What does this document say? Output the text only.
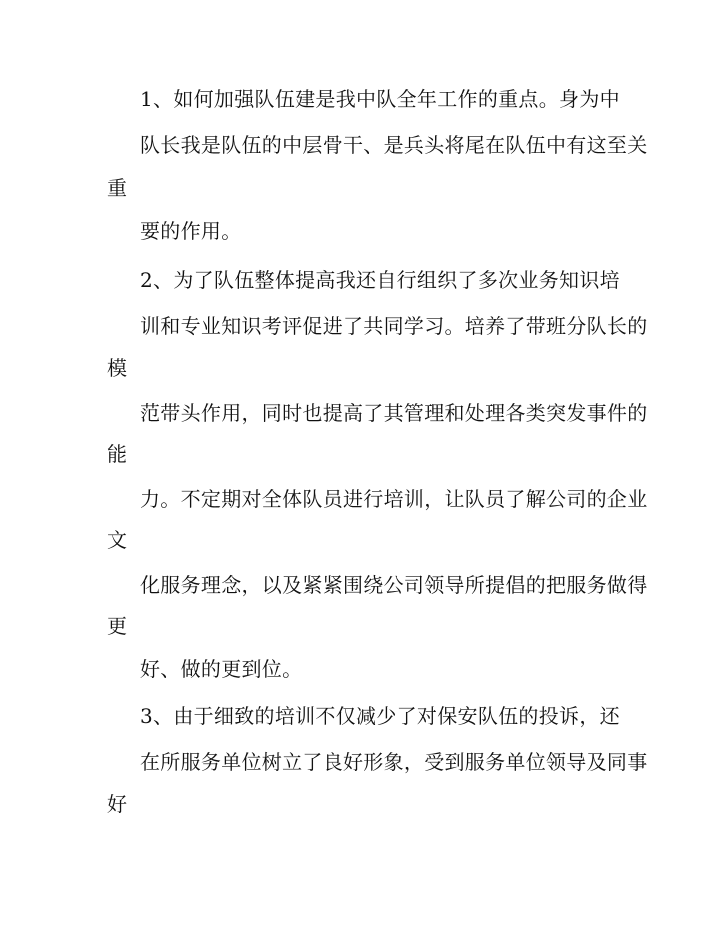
1、如何加强队伍建是我中队全年工作的重点。身为中
队长我是队伍的中层骨干、是兵头将尾在队伍中有这至关
重
要的作用。
2、为了队伍整体提高我还自行组织了多次业务知识培
训和专业知识考评促进了共同学习。培养了带班分队长的
模
范带头作用，同时也提高了其管理和处理各类突发事件的
能
力。不定期对全体队员进行培训，让队员了解公司的企业
文
化服务理念，以及紧紧围绕公司领导所提倡的把服务做得
更
好、做的更到位。
3、由于细致的培训不仅减少了对保安队伍的投诉，还
在所服务单位树立了良好形象，受到服务单位领导及同事
好
